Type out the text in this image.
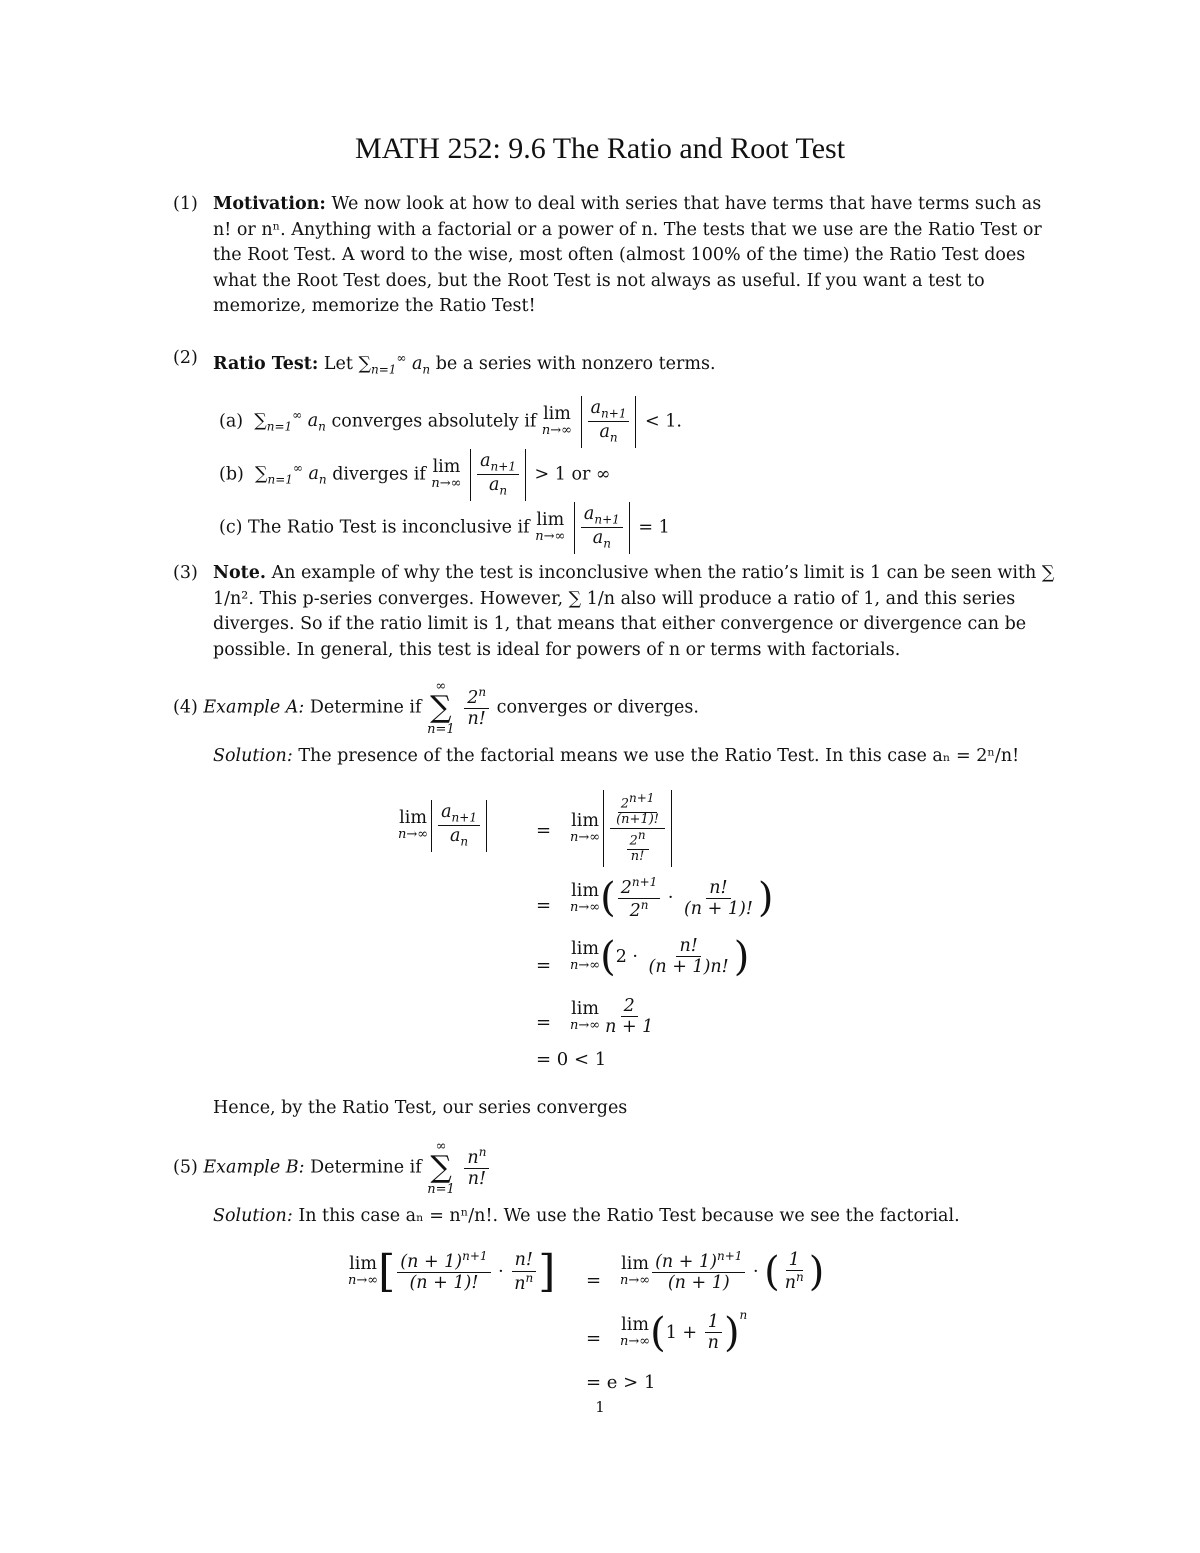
MATH 252: 9.6 The Ratio and Root Test
(1) Motivation: We now look at how to deal with series that have terms that have terms such as n! or nⁿ. Anything with a factorial or a power of n. The tests that we use are the Ratio Test or the Root Test. A word to the wise, most often (almost 100% of the time) the Ratio Test does what the Root Test does, but the Root Test is not always as useful. If you want a test to memorize, memorize the Ratio Test!
(2) Ratio Test: Let $\sum_{n=1}^\infty$ $a_n$ be a series with nonzero terms.
(a)  $\sum_{n=1}^\infty$ $a_n$ converges absolutely if lim
n→∞
$\frac{a_{n+1}}{a_n} < 1$.
(b)  $\sum_{n=1}^\infty$ $a_n$ diverges if lim
n→∞
$\frac{a_{n+1}}{a_n} > 1$ or ∞
(c) The Ratio Test is inconclusive if lim
n→∞
$\frac{a_{n+1}}{a_n} = 1$
(3) Note. An example of why the test is inconclusive when the ratio’s limit is 1 can be seen with ∑ 1/n². This p-series converges. However, ∑ 1/n also will produce a ratio of 1, and this series diverges. So if the ratio limit is 1, that means that either convergence or divergence can be possible. In general, this test is ideal for powers of n or terms with factorials.
(4) Example A: Determine if
∞
∑
n=1
$\frac{2^n}{n!}$ converges or diverges.
Solution: The presence of the factorial means we use the Ratio Test. In this case aₙ = 2ⁿ/n!
lim
$n\to\infty \frac{a_{n+1}}{a_n}$	= lim
$n\to\infty \frac{\frac{2^{n+1}}{(n+1)!}}{\frac{2^n}{n!}}$
=
lim
n→∞ ( $\frac{2^{n+1}}{2^n} \cdot \frac{n!}{(n + 1)!}$ )
=
lim
n→∞ ( $2 \cdot \frac{n!}{(n + 1)n!}$ )
=
lim
$n\to\infty \frac{2}{n + 1}$
= 0 < 1
Hence, by the Ratio Test, our series converges
(5) Example B: Determine if
∞
∑
n=1
$\frac{n^n}{n!}$
Solution: In this case aₙ = nⁿ/n!. We use the Ratio Test because we see the factorial.
lim
n→∞ [ $\frac{(n + 1)^{n+1}}{(n + 1)!} \cdot \frac{n!}{n^n}$ ] =
lim
$n\to\infty \frac{(n + 1)^{n+1}}{(n + 1)}$ · ( $\frac{1}{n^n}$ )
=
lim
n→∞ ( $1 + \frac{1}{n} )^n$
= e > 1
1
